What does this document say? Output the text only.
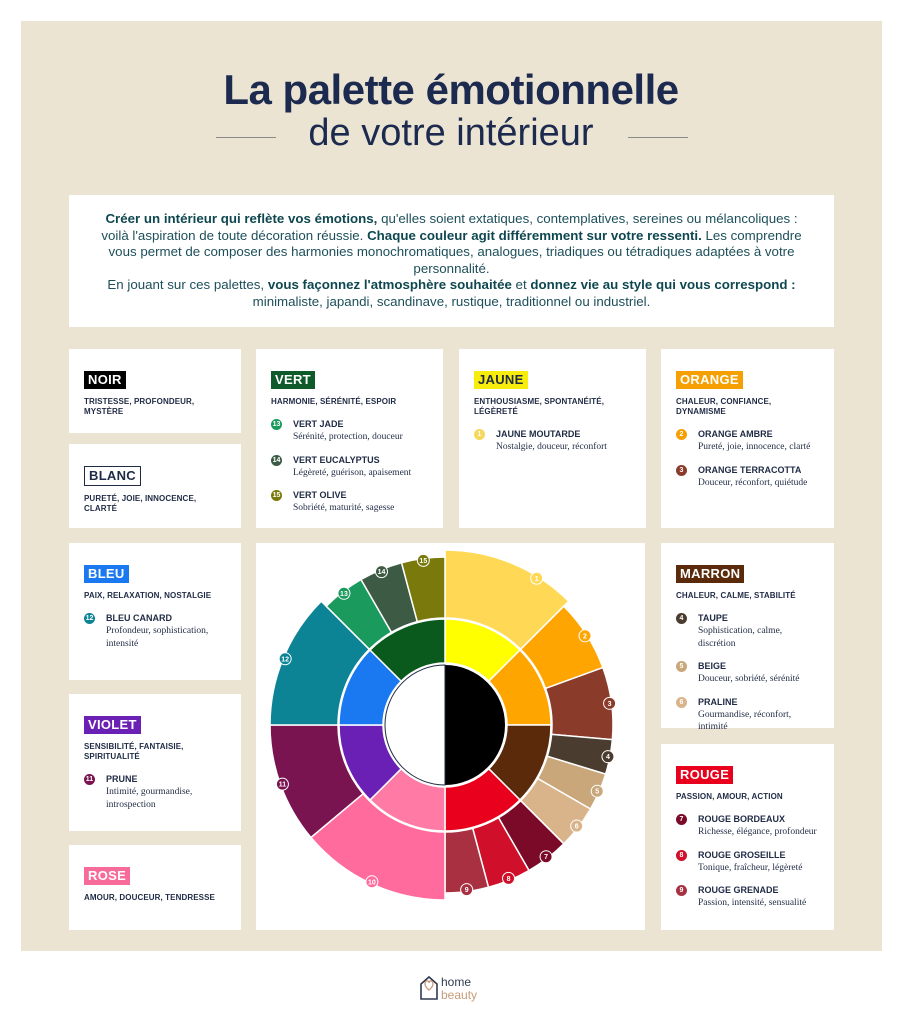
La palette émotionnelle
de votre intérieur
Créer un intérieur qui reflète vos émotions, qu'elles soient extatiques, contemplatives, sereines ou mélancoliques : voilà l'aspiration de toute décoration réussie. Chaque couleur agit différemment sur votre ressenti. Les comprendre vous permet de composer des harmonies monochromatiques, analogues, triadiques ou tétradiques adaptées à votre personnalité.
En jouant sur ces palettes, vous façonnez l'atmosphère souhaitée et donnez vie au style qui vous correspond : minimaliste, japandi, scandinave, rustique, traditionnel ou industriel.
NOIR
TRISTESSE, PROFONDEUR, MYSTÈRE
BLANC
PURETÉ, JOIE, INNOCENCE, CLARTÉ
BLEU
PAIX, RELAXATION, NOSTALGIE
12 BLEU CANARD
Profondeur, sophistication, intensité
VIOLET
SENSIBILITÉ, FANTAISIE, SPIRITUALITÉ
11 PRUNE
Intimité, gourmandise, introspection
ROSE
AMOUR, DOUCEUR, TENDRESSE
VERT
HARMONIE, SÉRÉNITÉ, ESPOIR
13 VERT JADE
Sérénité, protection, douceur
14 VERT EUCALYPTUS
Légèreté, guérison, apaisement
15 VERT OLIVE
Sobriété, maturité, sagesse
JAUNE
ENTHOUSIASME, SPONTANÉITÉ, LÉGÈRETÉ
1	JAUNE MOUTARDE
Nostalgie, douceur, réconfort
ORANGE
CHALEUR, CONFIANCE, DYNAMISME
2	ORANGE AMBRE
Pureté, joie, innocence, clarté
3	ORANGE TERRACOTTA
Douceur, réconfort, quiétude
MARRON
CHALEUR, CALME, STABILITÉ
4	TAUPE
Sophistication, calme, discrétion
5	BEIGE
Douceur, sobriété, sérénité
6	PRALINE
Gourmandise, réconfort, intimité
ROUGE
PASSION, AMOUR, ACTION
7	ROUGE BORDEAUX
Richesse, élégance, profondeur
8	ROUGE GROSEILLE
Tonique, fraîcheur, légèreté
9	ROUGE GRENADE
Passion, intensité, sensualité
1
2
3
4
5
6
7
8
9
10
11
12
13
14
15
home
beauty
